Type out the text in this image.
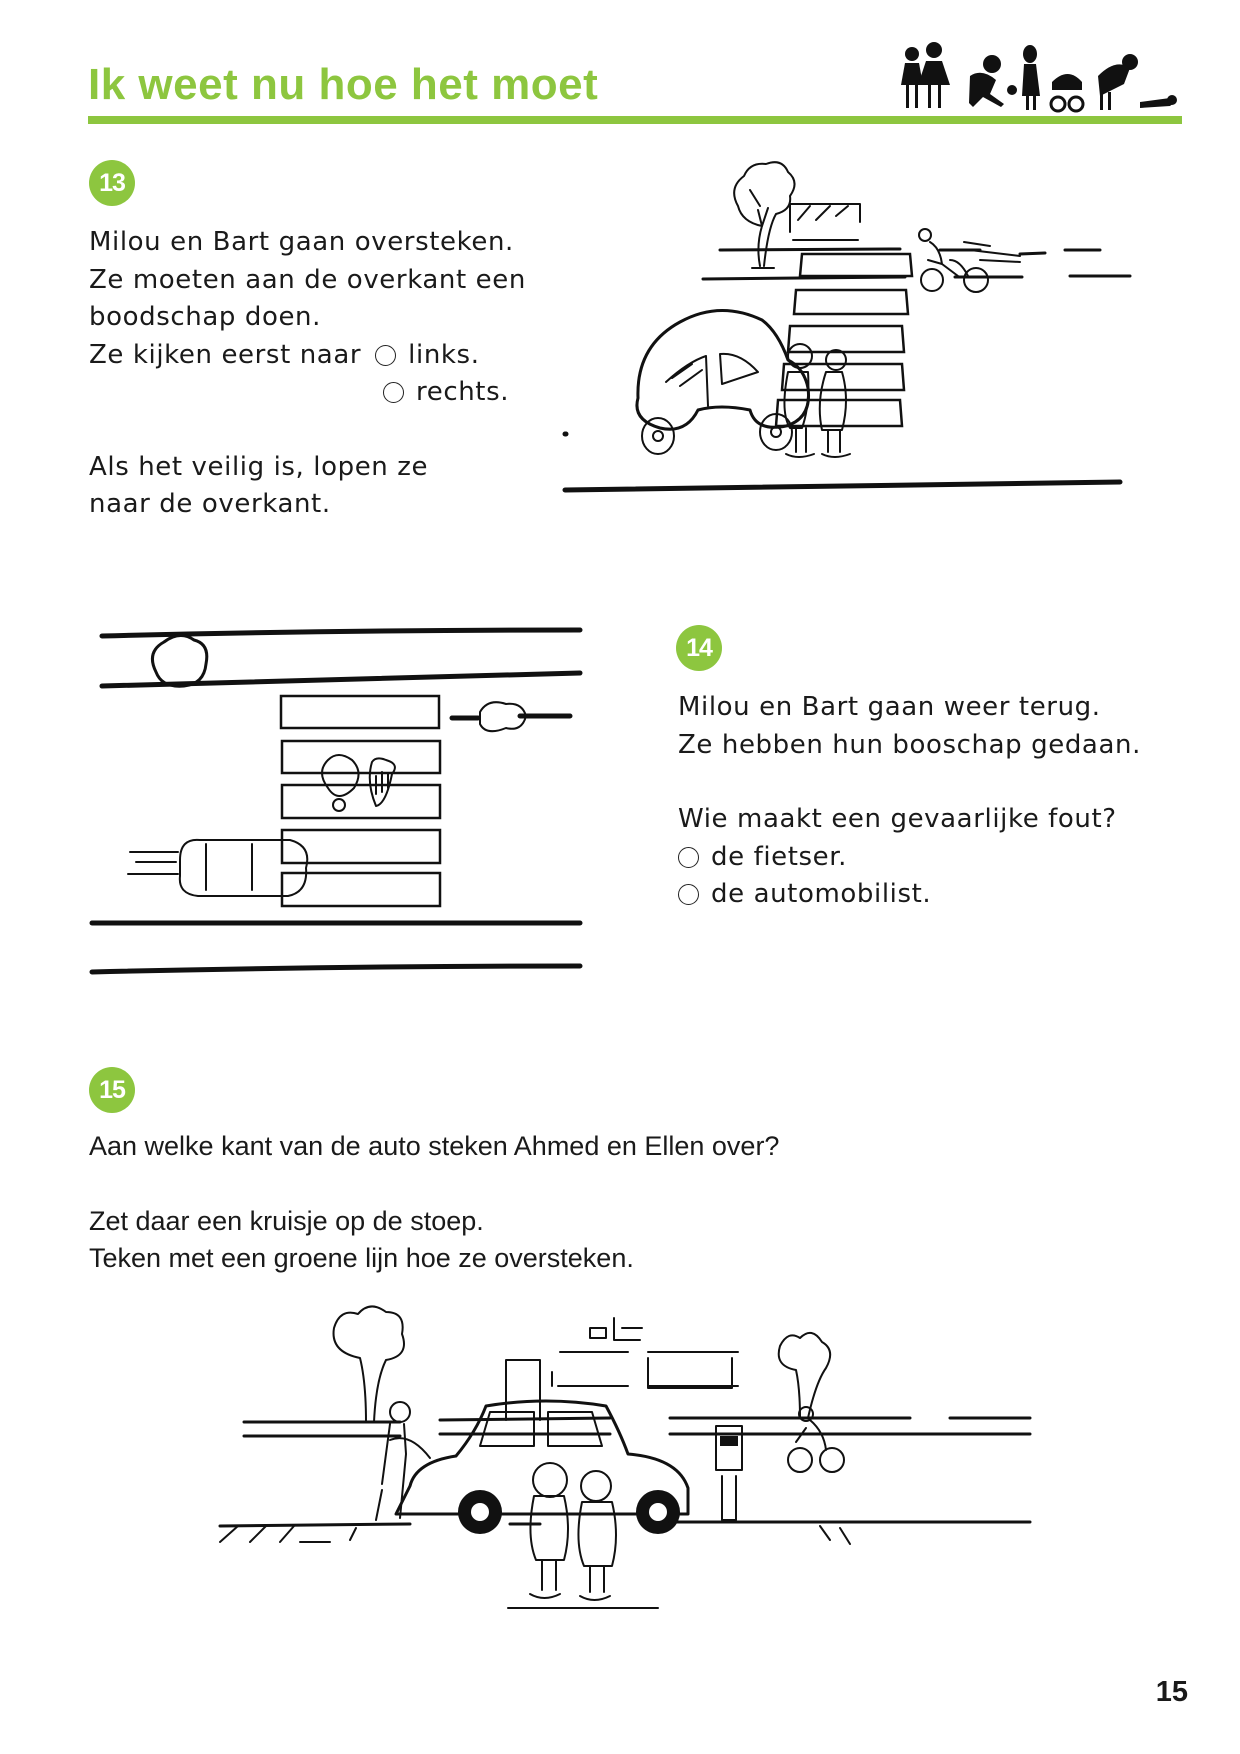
Ik weet nu hoe het moet
13

Milou en Bart gaan oversteken.

Ze moeten aan de overkant een

boodschap doen.

Ze kijken eerst naar links.
rechts.

Als het veilig is, lopen ze

naar de overkant.

14

Milou en Bart gaan weer terug.

Ze hebben hun booschap gedaan.

Wie maakt een gevaarlijke fout?

de fietser.
de automobilist.
15

Aan welke kant van de auto steken Ahmed en Ellen over?

Zet daar een kruisje op de stoep.

Teken met een groene lijn hoe ze oversteken.

15
